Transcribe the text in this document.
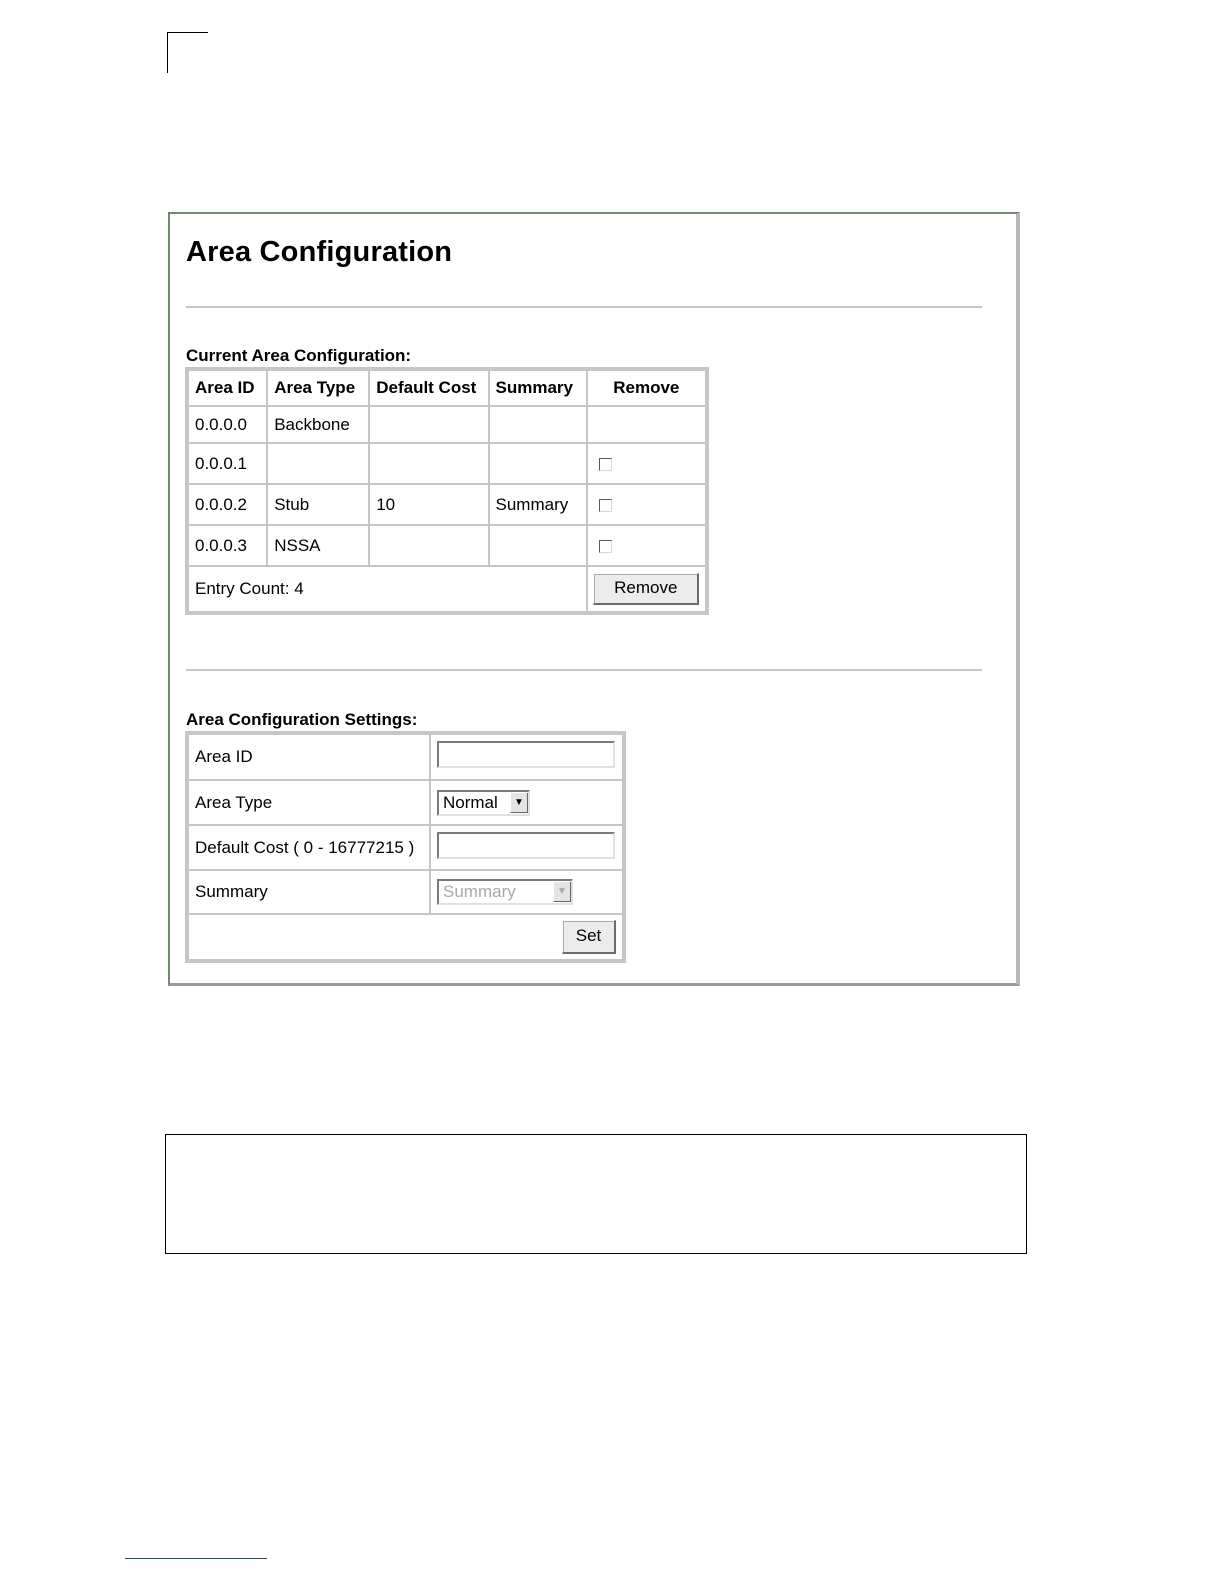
Area Configuration
Current Area Configuration:
Area ID	Area Type	Default Cost	Summary	Remove
0.0.0.0	Backbone			
0.0.0.1				
0.0.0.2	Stub	10	Summary	
0.0.0.3	NSSA			
Entry Count: 4				Remove
Area Configuration Settings:
Area ID	
Area Type	Normal ▼

Default Cost ( 0 - 16777215 )	
Summary	Summary ▼

Set	
